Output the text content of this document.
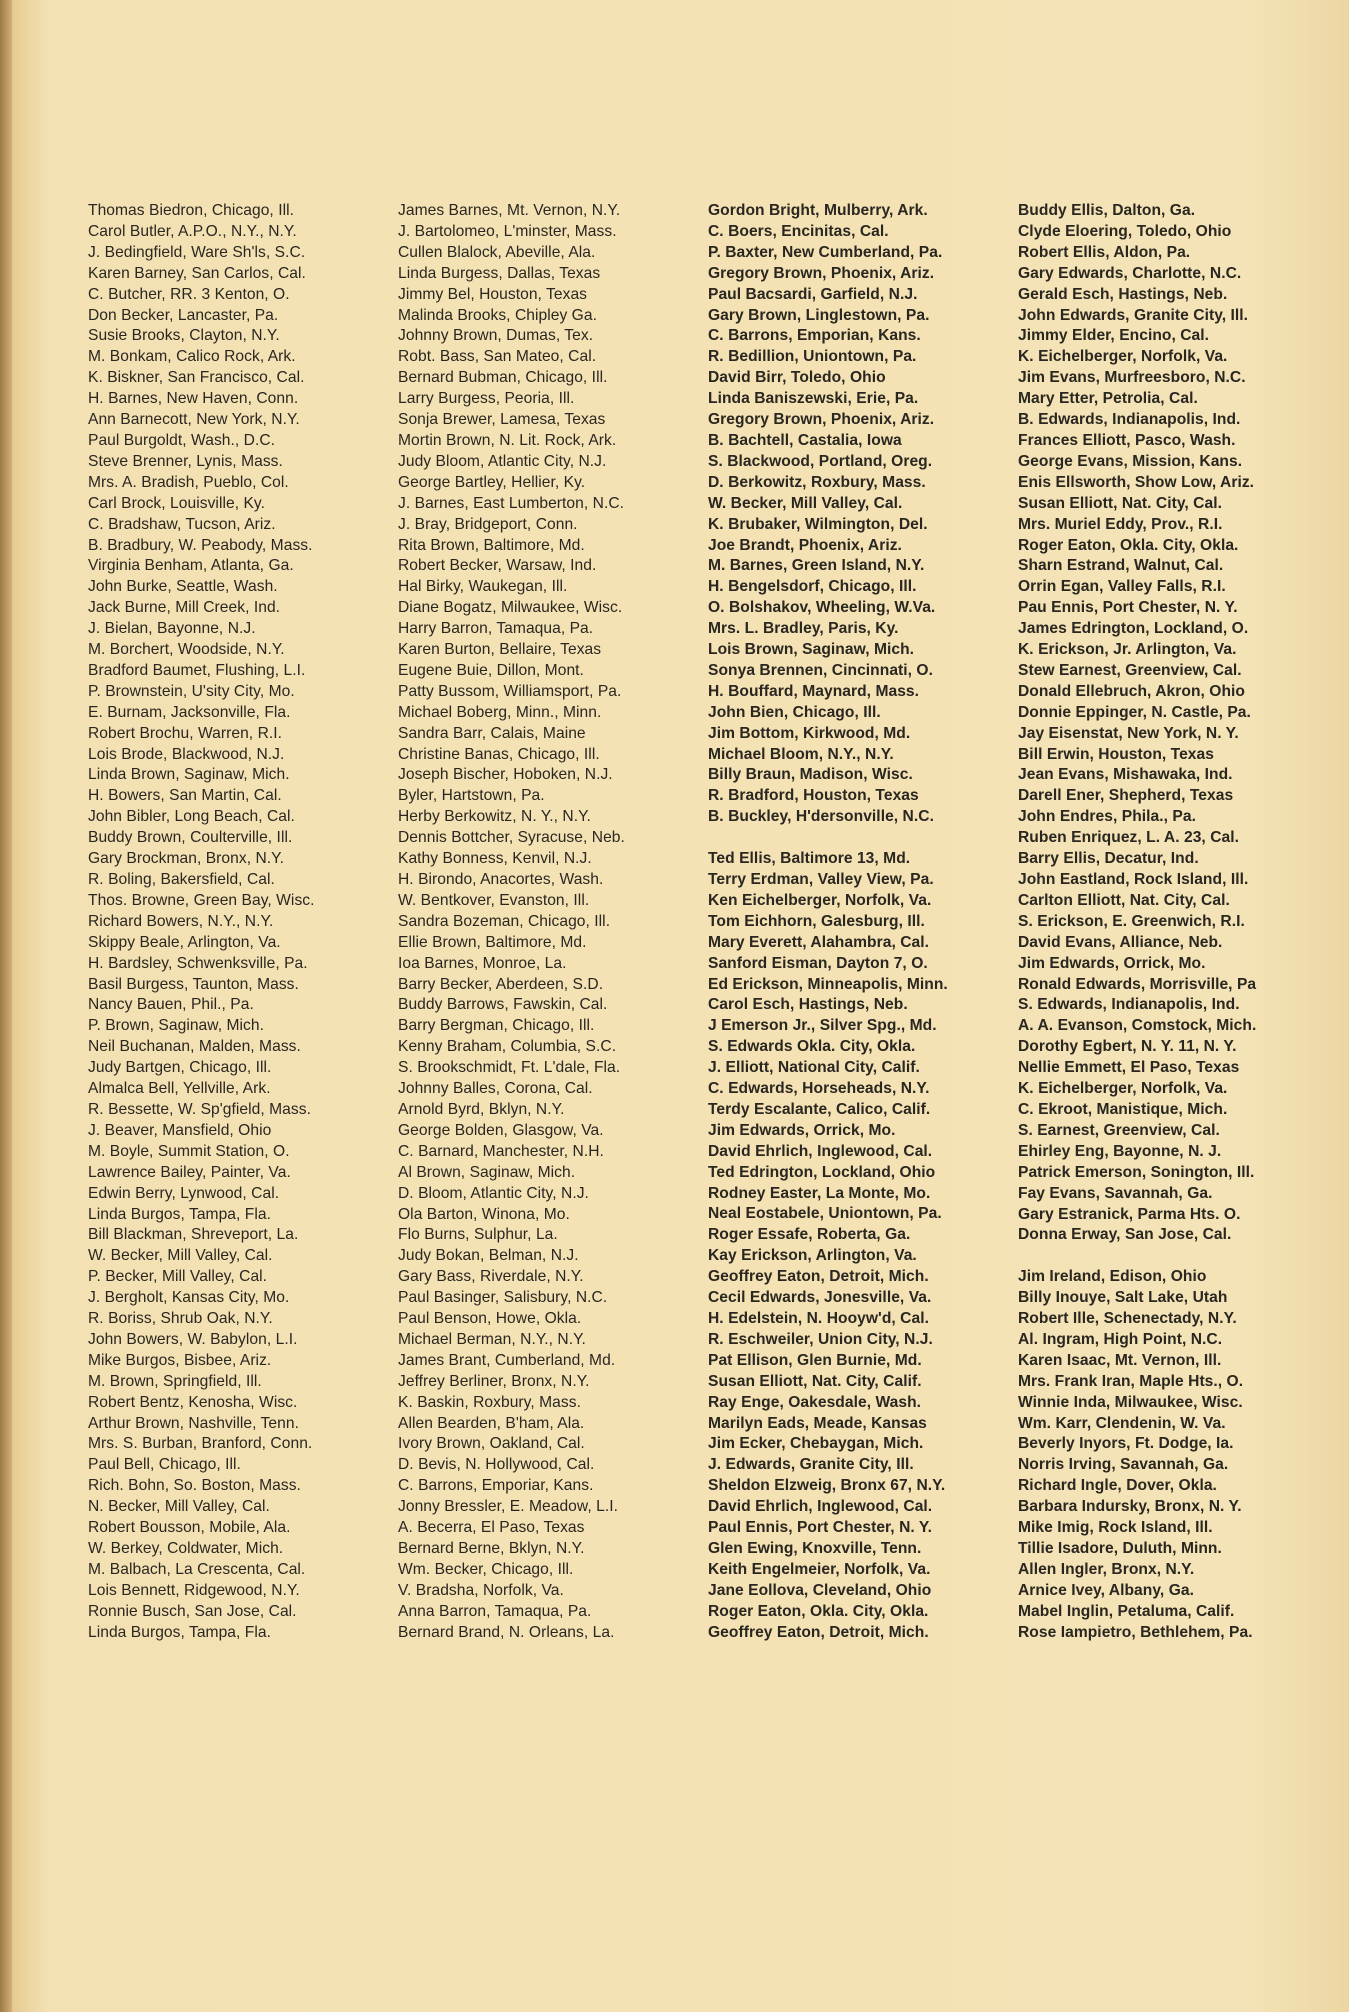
Thomas Biedron, Chicago, Ill.
Carol Butler, A.P.O., N.Y., N.Y.
J. Bedingfield, Ware Sh'ls, S.C.
Karen Barney, San Carlos, Cal.
C. Butcher, RR. 3 Kenton, O.
Don Becker, Lancaster, Pa.
Susie Brooks, Clayton, N.Y.
M. Bonkam, Calico Rock, Ark.
K. Biskner, San Francisco, Cal.
H. Barnes, New Haven, Conn.
Ann Barnecott, New York, N.Y.
Paul Burgoldt, Wash., D.C.
Steve Brenner, Lynis, Mass.
Mrs. A. Bradish, Pueblo, Col.
Carl Brock, Louisville, Ky.
C. Bradshaw, Tucson, Ariz.
B. Bradbury, W. Peabody, Mass.
Virginia Benham, Atlanta, Ga.
John Burke, Seattle, Wash.
Jack Burne, Mill Creek, Ind.
J. Bielan, Bayonne, N.J.
M. Borchert, Woodside, N.Y.
Bradford Baumet, Flushing, L.I.
P. Brownstein, U'sity City, Mo.
E. Burnam, Jacksonville, Fla.
Robert Brochu, Warren, R.I.
Lois Brode, Blackwood, N.J.
Linda Brown, Saginaw, Mich.
H. Bowers, San Martin, Cal.
John Bibler, Long Beach, Cal.
Buddy Brown, Coulterville, Ill.
Gary Brockman, Bronx, N.Y.
R. Boling, Bakersfield, Cal.
Thos. Browne, Green Bay, Wisc.
Richard Bowers, N.Y., N.Y.
Skippy Beale, Arlington, Va.
H. Bardsley, Schwenksville, Pa.
Basil Burgess, Taunton, Mass.
Nancy Bauen, Phil., Pa.
P. Brown, Saginaw, Mich.
Neil Buchanan, Malden, Mass.
Judy Bartgen, Chicago, Ill.
Almalca Bell, Yellville, Ark.
R. Bessette, W. Sp'gfield, Mass.
J. Beaver, Mansfield, Ohio
M. Boyle, Summit Station, O.
Lawrence Bailey, Painter, Va.
Edwin Berry, Lynwood, Cal.
Linda Burgos, Tampa, Fla.
Bill Blackman, Shreveport, La.
W. Becker, Mill Valley, Cal.
P. Becker, Mill Valley, Cal.
J. Bergholt, Kansas City, Mo.
R. Boriss, Shrub Oak, N.Y.
John Bowers, W. Babylon, L.I.
Mike Burgos, Bisbee, Ariz.
M. Brown, Springfield, Ill.
Robert Bentz, Kenosha, Wisc.
Arthur Brown, Nashville, Tenn.
Mrs. S. Burban, Branford, Conn.
Paul Bell, Chicago, Ill.
Rich. Bohn, So. Boston, Mass.
N. Becker, Mill Valley, Cal.
Robert Bousson, Mobile, Ala.
W. Berkey, Coldwater, Mich.
M. Balbach, La Crescenta, Cal.
Lois Bennett, Ridgewood, N.Y.
Ronnie Busch, San Jose, Cal.
Linda Burgos, Tampa, Fla.
James Barnes, Mt. Vernon, N.Y.
J. Bartolomeo, L'minster, Mass.
Cullen Blalock, Abeville, Ala.
Linda Burgess, Dallas, Texas
Jimmy Bel, Houston, Texas
Malinda Brooks, Chipley Ga.
Johnny Brown, Dumas, Tex.
Robt. Bass, San Mateo, Cal.
Bernard Bubman, Chicago, Ill.
Larry Burgess, Peoria, Ill.
Sonja Brewer, Lamesa, Texas
Mortin Brown, N. Lit. Rock, Ark.
Judy Bloom, Atlantic City, N.J.
George Bartley, Hellier, Ky.
J. Barnes, East Lumberton, N.C.
J. Bray, Bridgeport, Conn.
Rita Brown, Baltimore, Md.
Robert Becker, Warsaw, Ind.
Hal Birky, Waukegan, Ill.
Diane Bogatz, Milwaukee, Wisc.
Harry Barron, Tamaqua, Pa.
Karen Burton, Bellaire, Texas
Eugene Buie, Dillon, Mont.
Patty Bussom, Williamsport, Pa.
Michael Boberg, Minn., Minn.
Sandra Barr, Calais, Maine
Christine Banas, Chicago, Ill.
Joseph Bischer, Hoboken, N.J.
Byler, Hartstown, Pa.
Herby Berkowitz, N. Y., N.Y.
Dennis Bottcher, Syracuse, Neb.
Kathy Bonness, Kenvil, N.J.
H. Birondo, Anacortes, Wash.
W. Bentkover, Evanston, Ill.
Sandra Bozeman, Chicago, Ill.
Ellie Brown, Baltimore, Md.
Ioa Barnes, Monroe, La.
Barry Becker, Aberdeen, S.D.
Buddy Barrows, Fawskin, Cal.
Barry Bergman, Chicago, Ill.
Kenny Braham, Columbia, S.C.
S. Brookschmidt, Ft. L'dale, Fla.
Johnny Balles, Corona, Cal.
Arnold Byrd, Bklyn, N.Y.
George Bolden, Glasgow, Va.
C. Barnard, Manchester, N.H.
Al Brown, Saginaw, Mich.
D. Bloom, Atlantic City, N.J.
Ola Barton, Winona, Mo.
Flo Burns, Sulphur, La.
Judy Bokan, Belman, N.J.
Gary Bass, Riverdale, N.Y.
Paul Basinger, Salisbury, N.C.
Paul Benson, Howe, Okla.
Michael Berman, N.Y., N.Y.
James Brant, Cumberland, Md.
Jeffrey Berliner, Bronx, N.Y.
K. Baskin, Roxbury, Mass.
Allen Bearden, B'ham, Ala.
Ivory Brown, Oakland, Cal.
D. Bevis, N. Hollywood, Cal.
C. Barrons, Emporiar, Kans.
Jonny Bressler, E. Meadow, L.I.
A. Becerra, El Paso, Texas
Bernard Berne, Bklyn, N.Y.
Wm. Becker, Chicago, Ill.
V. Bradsha, Norfolk, Va.
Anna Barron, Tamaqua, Pa.
Bernard Brand, N. Orleans, La.
Gordon Bright, Mulberry, Ark.
C. Boers, Encinitas, Cal.
P. Baxter, New Cumberland, Pa.
Gregory Brown, Phoenix, Ariz.
Paul Bacsardi, Garfield, N.J.
Gary Brown, Linglestown, Pa.
C. Barrons, Emporian, Kans.
R. Bedillion, Uniontown, Pa.
David Birr, Toledo, Ohio
Linda Baniszewski, Erie, Pa.
Gregory Brown, Phoenix, Ariz.
B. Bachtell, Castalia, Iowa
S. Blackwood, Portland, Oreg.
D. Berkowitz, Roxbury, Mass.
W. Becker, Mill Valley, Cal.
K. Brubaker, Wilmington, Del.
Joe Brandt, Phoenix, Ariz.
M. Barnes, Green Island, N.Y.
H. Bengelsdorf, Chicago, Ill.
O. Bolshakov, Wheeling, W.Va.
Mrs. L. Bradley, Paris, Ky.
Lois Brown, Saginaw, Mich.
Sonya Brennen, Cincinnati, O.
H. Bouffard, Maynard, Mass.
John Bien, Chicago, Ill.
Jim Bottom, Kirkwood, Md.
Michael Bloom, N.Y., N.Y.
Billy Braun, Madison, Wisc.
R. Bradford, Houston, Texas
B. Buckley, H'dersonville, N.C.
Ted Ellis, Baltimore 13, Md.
Terry Erdman, Valley View, Pa.
Ken Eichelberger, Norfolk, Va.
Tom Eichhorn, Galesburg, Ill.
Mary Everett, Alahambra, Cal.
Sanford Eisman, Dayton 7, O.
Ed Erickson, Minneapolis, Minn.
Carol Esch, Hastings, Neb.
J Emerson Jr., Silver Spg., Md.
S. Edwards Okla. City, Okla.
J. Elliott, National City, Calif.
C. Edwards, Horseheads, N.Y.
Terdy Escalante, Calico, Calif.
Jim Edwards, Orrick, Mo.
David Ehrlich, Inglewood, Cal.
Ted Edrington, Lockland, Ohio
Rodney Easter, La Monte, Mo.
Neal Eostabele, Uniontown, Pa.
Roger Essafe, Roberta, Ga.
Kay Erickson, Arlington, Va.
Geoffrey Eaton, Detroit, Mich.
Cecil Edwards, Jonesville, Va.
H. Edelstein, N. Hooyw'd, Cal.
R. Eschweiler, Union City, N.J.
Pat Ellison, Glen Burnie, Md.
Susan Elliott, Nat. City, Calif.
Ray Enge, Oakesdale, Wash.
Marilyn Eads, Meade, Kansas
Jim Ecker, Chebaygan, Mich.
J. Edwards, Granite City, Ill.
Sheldon Elzweig, Bronx 67, N.Y.
David Ehrlich, Inglewood, Cal.
Paul Ennis, Port Chester, N. Y.
Glen Ewing, Knoxville, Tenn.
Keith Engelmeier, Norfolk, Va.
Jane Eollova, Cleveland, Ohio
Roger Eaton, Okla. City, Okla.
Geoffrey Eaton, Detroit, Mich.
Buddy Ellis, Dalton, Ga.
Clyde Eloering, Toledo, Ohio
Robert Ellis, Aldon, Pa.
Gary Edwards, Charlotte, N.C.
Gerald Esch, Hastings, Neb.
John Edwards, Granite City, Ill.
Jimmy Elder, Encino, Cal.
K. Eichelberger, Norfolk, Va.
Jim Evans, Murfreesboro, N.C.
Mary Etter, Petrolia, Cal.
B. Edwards, Indianapolis, Ind.
Frances Elliott, Pasco, Wash.
George Evans, Mission, Kans.
Enis Ellsworth, Show Low, Ariz.
Susan Elliott, Nat. City, Cal.
Mrs. Muriel Eddy, Prov., R.I.
Roger Eaton, Okla. City, Okla.
Sharn Estrand, Walnut, Cal.
Orrin Egan, Valley Falls, R.I.
Pau Ennis, Port Chester, N. Y.
James Edrington, Lockland, O.
K. Erickson, Jr. Arlington, Va.
Stew Earnest, Greenview, Cal.
Donald Ellebruch, Akron, Ohio
Donnie Eppinger, N. Castle, Pa.
Jay Eisenstat, New York, N. Y.
Bill Erwin, Houston, Texas
Jean Evans, Mishawaka, Ind.
Darell Ener, Shepherd, Texas
John Endres, Phila., Pa.
Ruben Enriquez, L. A. 23, Cal.
Barry Ellis, Decatur, Ind.
John Eastland, Rock Island, Ill.
Carlton Elliott, Nat. City, Cal.
S. Erickson, E. Greenwich, R.I.
David Evans, Alliance, Neb.
Jim Edwards, Orrick, Mo.
Ronald Edwards, Morrisville, Pa
S. Edwards, Indianapolis, Ind.
A. A. Evanson, Comstock, Mich.
Dorothy Egbert, N. Y. 11, N. Y.
Nellie Emmett, El Paso, Texas
K. Eichelberger, Norfolk, Va.
C. Ekroot, Manistique, Mich.
S. Earnest, Greenview, Cal.
Ehirley Eng, Bayonne, N. J.
Patrick Emerson, Sonington, Ill.
Fay Evans, Savannah, Ga.
Gary Estranick, Parma Hts. O.
Donna Erway, San Jose, Cal.
Jim Ireland, Edison, Ohio
Billy Inouye, Salt Lake, Utah
Robert Ille, Schenectady, N.Y.
Al. Ingram, High Point, N.C.
Karen Isaac, Mt. Vernon, Ill.
Mrs. Frank Iran, Maple Hts., O.
Winnie Inda, Milwaukee, Wisc.
Wm. Karr, Clendenin, W. Va.
Beverly Inyors, Ft. Dodge, Ia.
Norris Irving, Savannah, Ga.
Richard Ingle, Dover, Okla.
Barbara Indursky, Bronx, N. Y.
Mike Imig, Rock Island, Ill.
Tillie Isadore, Duluth, Minn.
Allen Ingler, Bronx, N.Y.
Arnice Ivey, Albany, Ga.
Mabel Inglin, Petaluma, Calif.
Rose Iampietro, Bethlehem, Pa.
